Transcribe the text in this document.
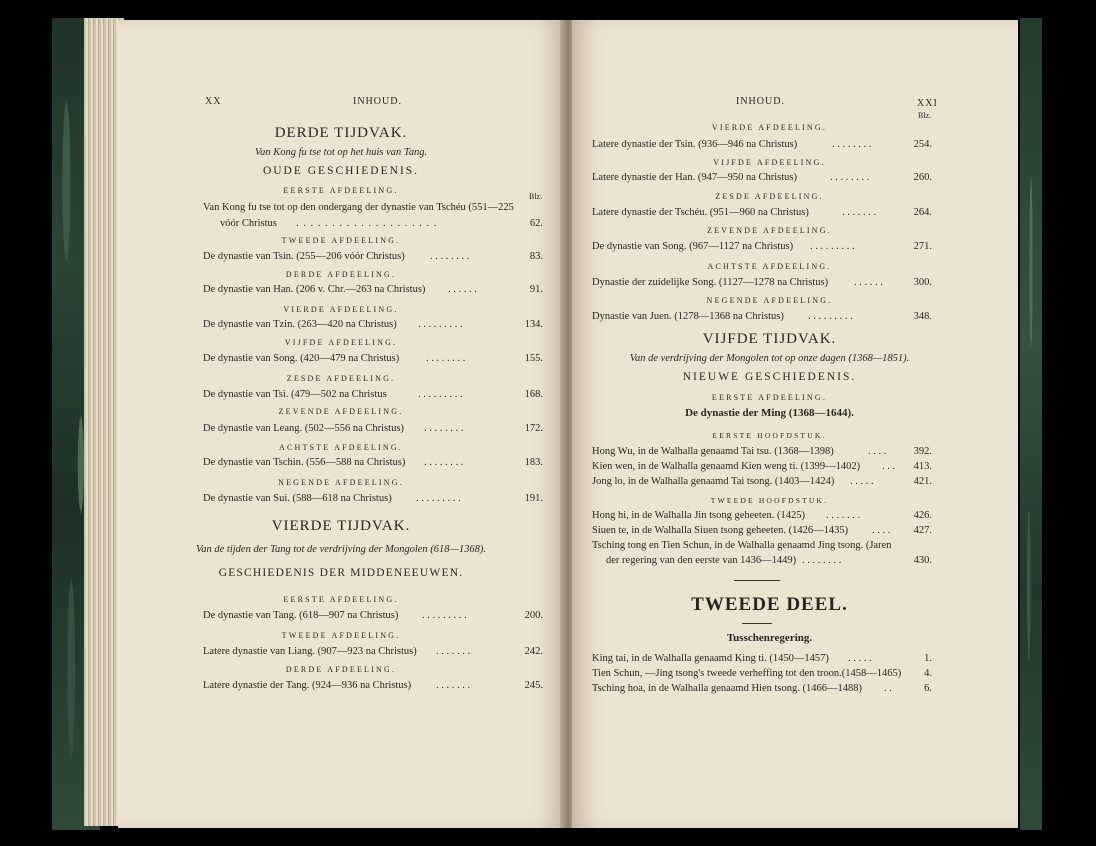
XX	INHOUD.
DERDE TIJDVAK.
Van Kong fu tse tot op het huis van Tang.
OUDE GESCHIEDENIS.
Blz.
EERSTE AFDEELING.
Van Kong fu tse tot op den ondergang der dynastie van Tschéu (551—225
vóór Christus . . . . . . . . . . . . . . . . . . . .	62.
TWEEDE AFDEELING.
De dynastie van Tsin. (255—206 vóór Christus) . . . . . . . .	83.
DERDE AFDEELING.
De dynastie van Han. (206 v. Chr.—263 na Christus) . . . . . .	91.
VIERDE AFDEELING.
De dynastie van Tzin. (263—420 na Christus) . . . . . . . . .	134.
VIJFDE AFDEELING.
De dynastie van Song. (420—479 na Christus)	. . . . . . . .	155.
ZESDE AFDEELING.
De dynastie van Tsi. (479—502 na Christus	. . . . . . . . .	168.
ZEVENDE AFDEELING.
De dynastie van Leang. (502—556 na Christus) . . . . . . . .	172.
ACHTSTE AFDEELING.
De dynastie van Tschin. (556—588 na Christus) . . . . . . . .	183.
NEGENDE AFDEELING.
De dynastie van Sui. (588—618 na Christus) . . . . . . . . .	191.
VIERDE TIJDVAK.
Van de tijden der Tang tot de verdrijving der Mongolen (618—1368).
GESCHIEDENIS DER MIDDENEEUWEN.
EERSTE AFDEELING.
De dynastie van Tang. (618—907 na Christus) . . . . . . . . .	200.
TWEEDE AFDEELING.
Latere dynastie van Liang. (907—923 na Christus) . . . . . . .	242.
DERDE AFDEELING.
Latere dynastie der Tang. (924—936 na Christus) . . . . . . .	245.
INHOUD.	XXI
Blz.
VIERDE AFDEELING.
Latere dynastie der Tsin. (936—946 na Christus)	. . . . . . . .	254.
VIJFDE AFDEELING.
Latere dynastie der Han. (947—950 na Christus)	. . . . . . . .	260.
ZESDE AFDEELING.
Latere dynastie der Tschéu. (951—960 na Christus)	. . . . . . .	264.
ZEVENDE AFDEELING.
De dynastie van Song. (967—1127 na Christus) . . . . . . . . .	271.
ACHTSTE AFDEELING.
Dynastie der zuidelijke Song. (1127—1278 na Christus) . . . . . .	300.
NEGENDE AFDEELING.
Dynastie van Juen. (1278—1368 na Christus) . . . . . . . . .	348.
VIJFDE TIJDVAK.
Van de verdrijving der Mongolen tot op onze dagen (1368—1851).
NIEUWE GESCHIEDENIS.
EERSTE AFDEELING.
De dynastie der Ming (1368—1644).
EERSTE HOOFDSTUK.
Hong Wu, in de Walhalla genaamd Tai tsu. (1368—1398)	. . . .	392.
Kien wen, in de Walhalla genaamd Kien weng ti. (1399—1402) . . .	413.
Jong lo, in de Walhalla genaamd Tai tsong. (1403—1424) . . . . .	421.
TWEEDE HOOFDSTUK.
Hong hi, in de Walhalla Jin tsong geheeten. (1425) . . . . . . .	426.
Siuen te, in de Walhalla Siuen tsong geheeten. (1426—1435) . . . .	427.
Tsching tong en Tien Schun, in de Walhalla genaamd Jing tsong. (Jaren
der regering van den eerste van 1436—1449) . . . . . . . .	430.
TWEEDE DEEL.
Tusschenregering.
King tai, in de Walhalla genaamd King ti. (1450—1457) . . . . .	1.
Tien Schun, —Jing tsong's tweede verheffing tot den troon.(1458—1465)	4.
Tsching hoa, in de Walhalla genaamd Hien tsong. (1466—1488) . .	6.
